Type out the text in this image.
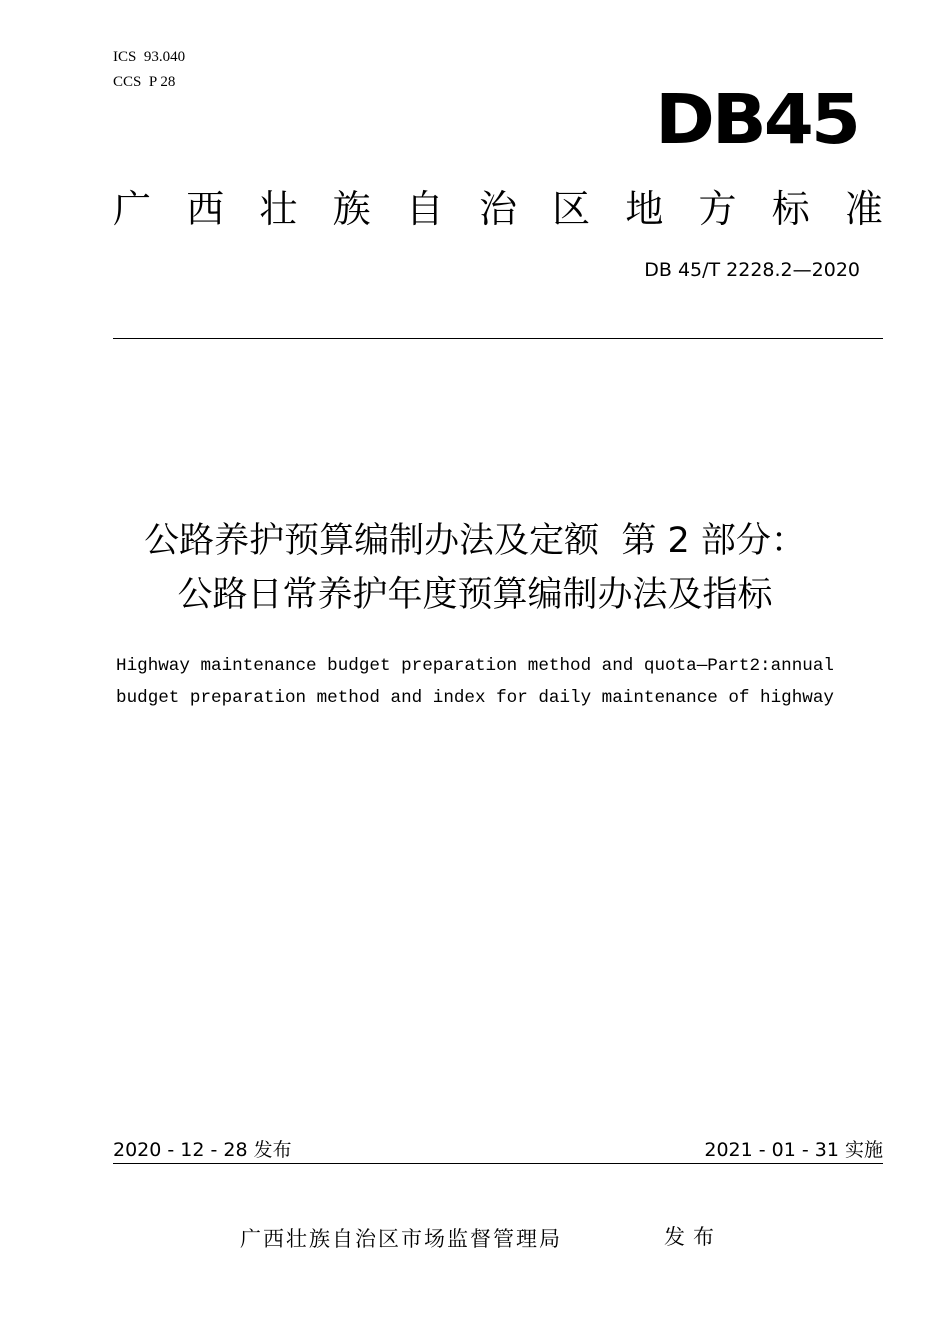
ICS  93.040
CCS  P 28	DB45
广 西 壮 族 自 治 区 地 方 标 准
DB 45/T 2228.2—2020
公路养护预算编制办法及定额  第 2 部分：
公路日常养护年度预算编制办法及指标
Highway maintenance budget preparation method and quota—Part2:annual
budget preparation method and index for daily maintenance of highway
2020 - 12 - 28 发布	2021 - 01 - 31 实施
广西壮族自治区市场监督管理局	发布
